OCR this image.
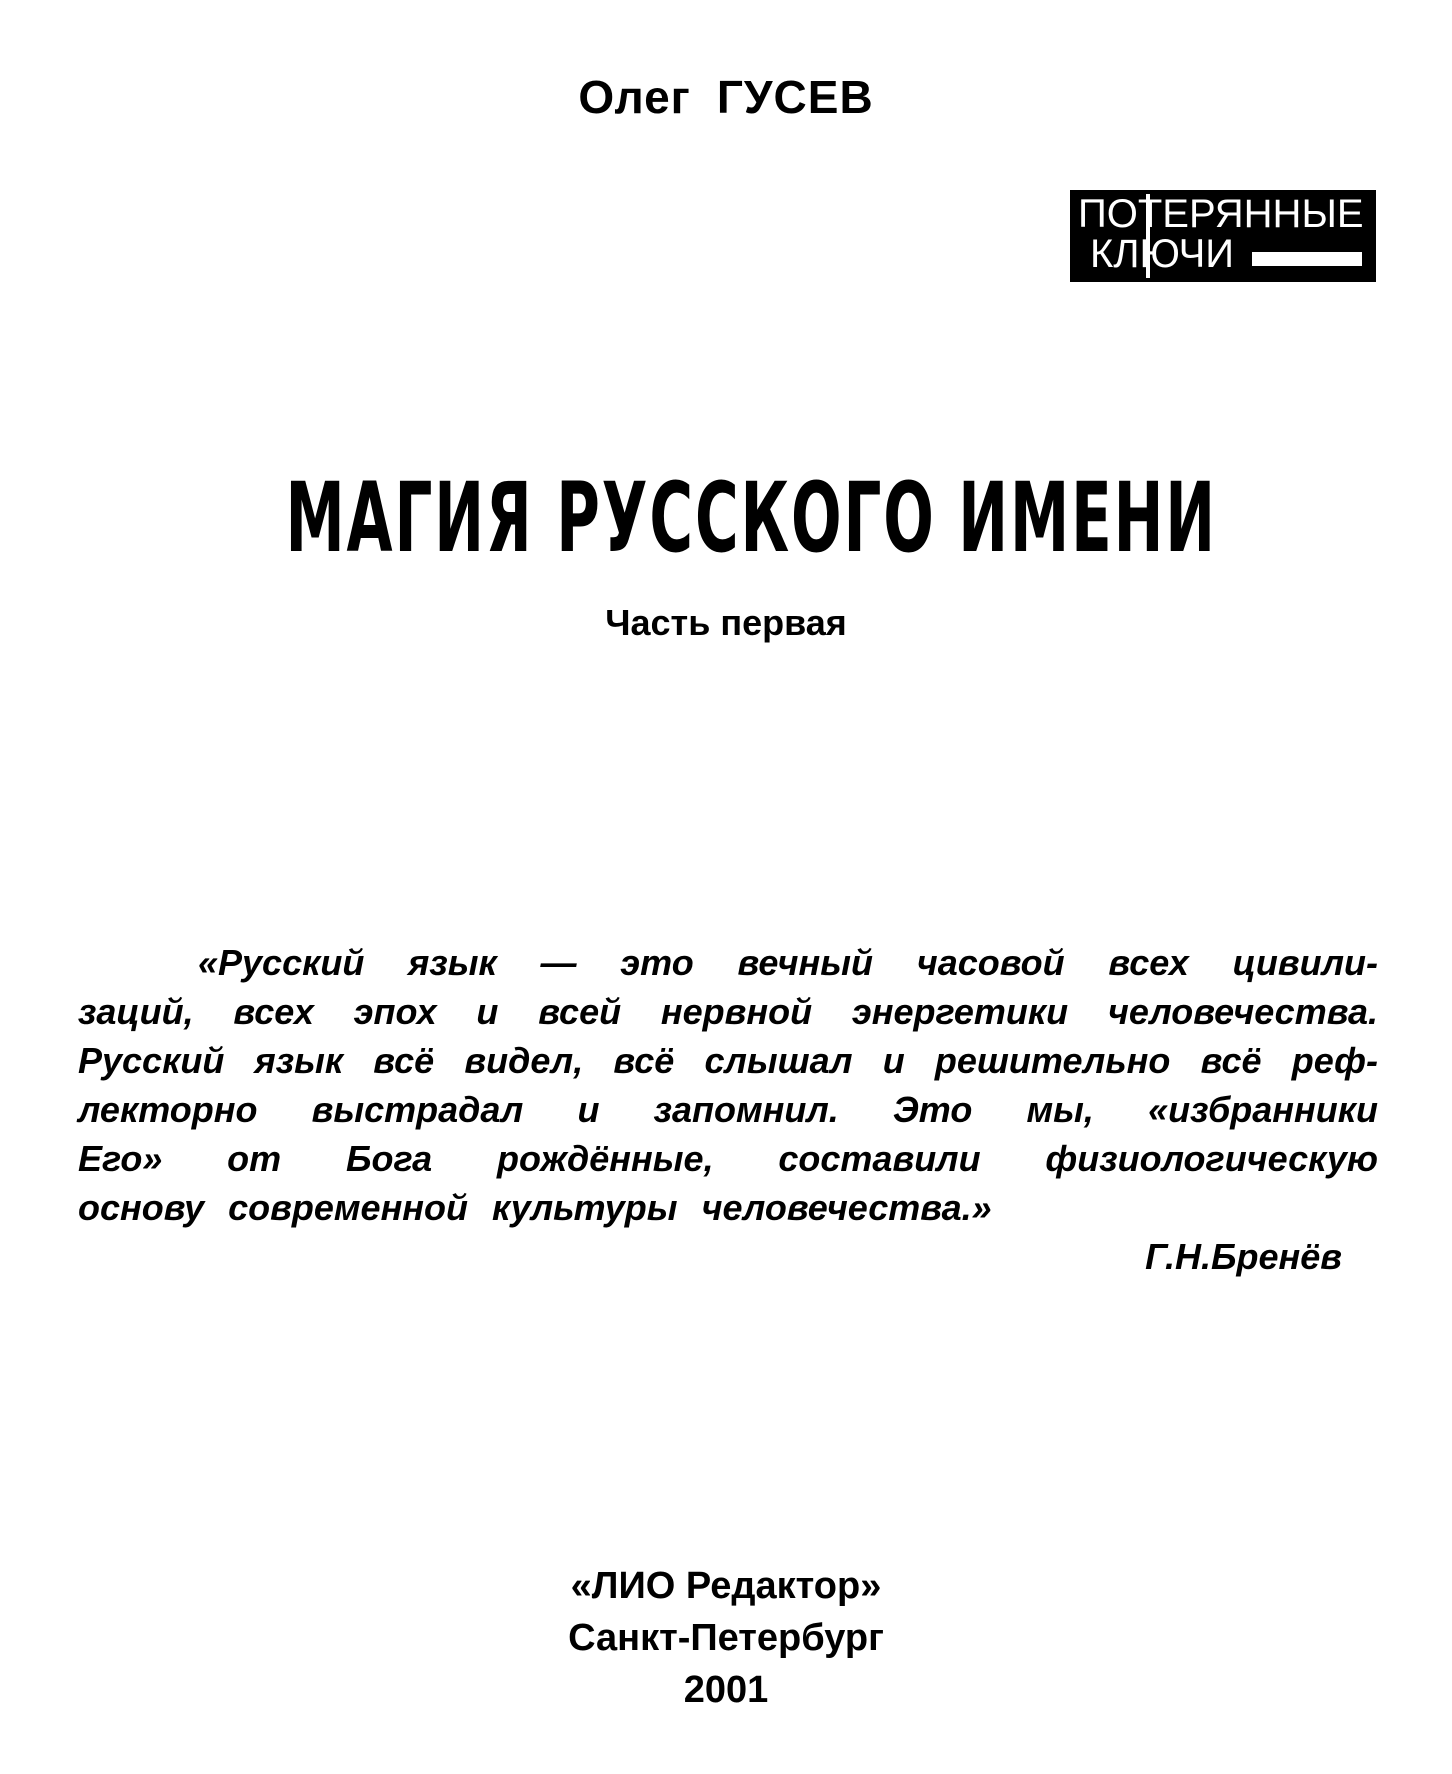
Олег ГУСЕВ
ПОТЕРЯННЫЕ
КЛЮЧИ
МАГИЯ РУССКОГО ИМЕНИ
Часть первая
«Русский язык — это вечный часовой всех цивили-
заций, всех эпох и всей нервной энергетики человечества.
Русский язык всё видел, всё слышал и решительно всё реф-
лекторно выстрадал и запомнил. Это мы, «избранники
Его» от Бога рождённые, составили физиологическую
основу современной культуры человечества.»
Г.Н.Бренёв
«ЛИО Редактор»
Санкт-Петербург
2001
